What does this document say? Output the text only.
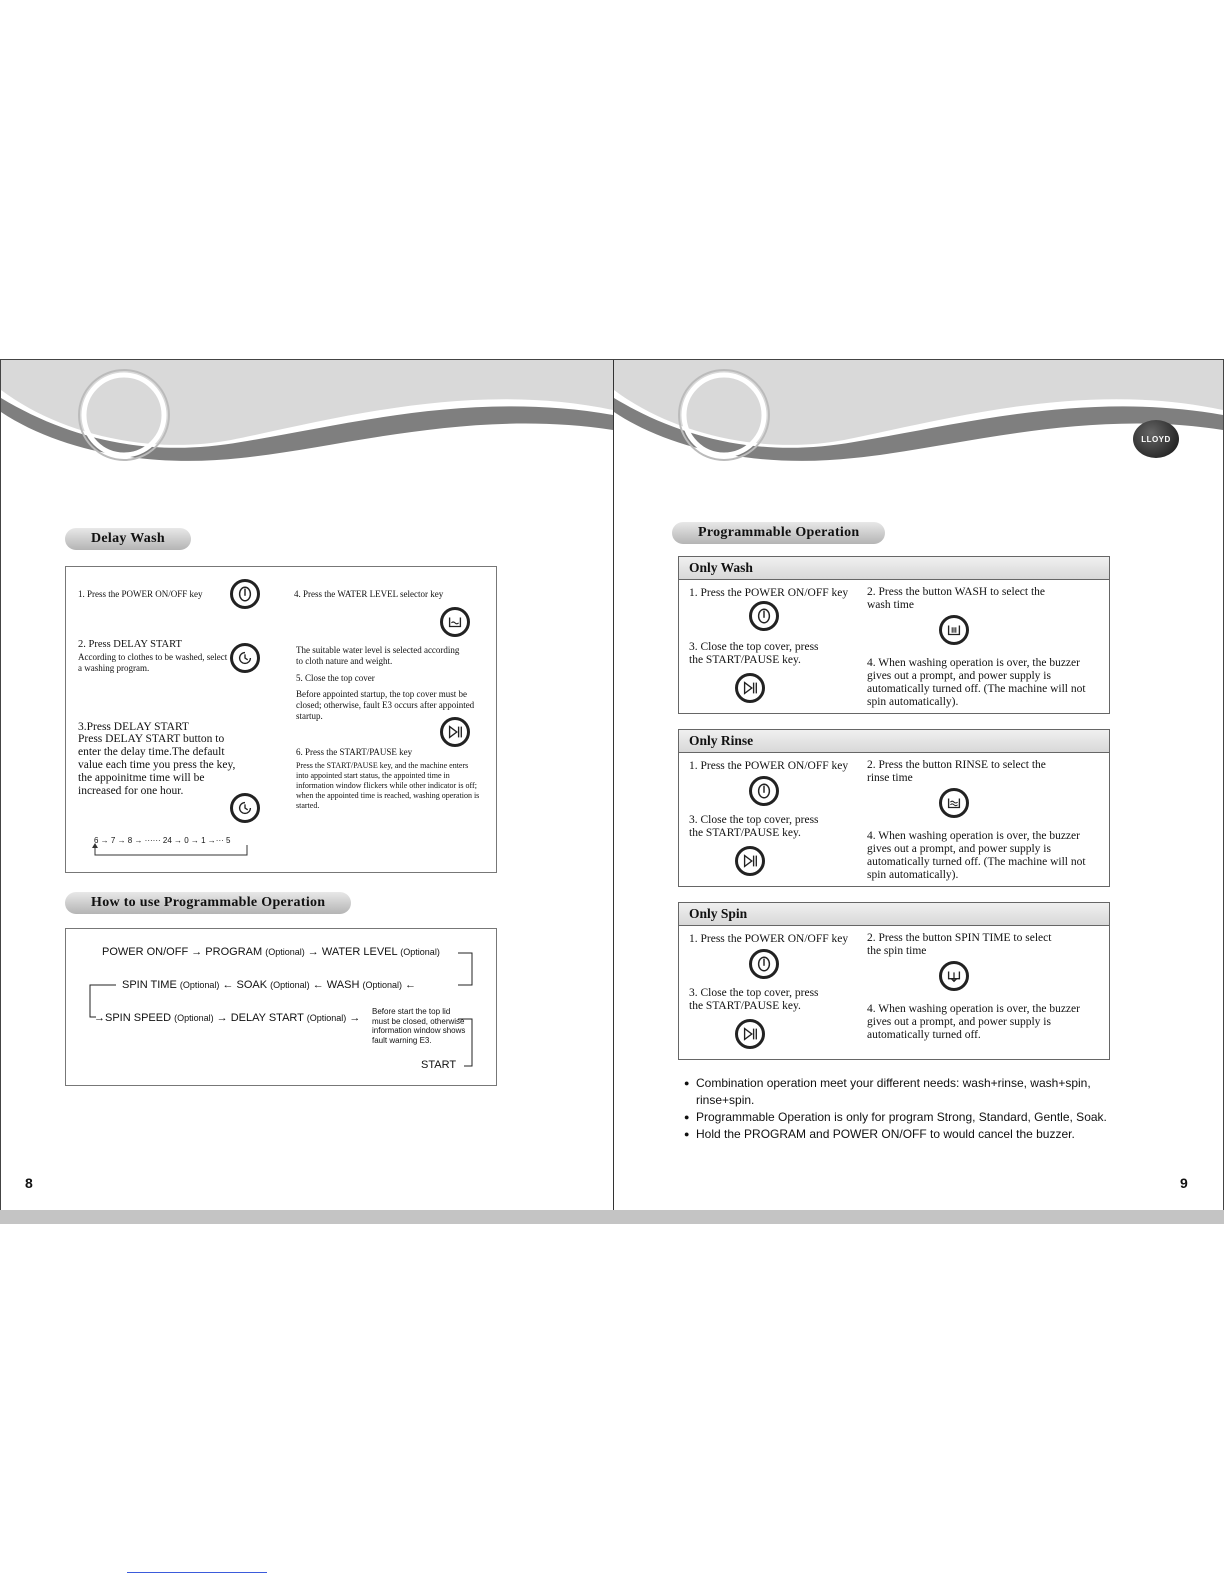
Delay Wash
1. Press the POWER ON/OFF key
2. Press DELAY START
According to clothes to be washed, select a washing program.
3.Press DELAY START
Press DELAY START button to enter the delay time.The default value each time you press the key, the appoinitme time will be increased for one hour.
6 → 7 → 8 → ······ 24 → 0 → 1 →··· 5
4. Press the WATER LEVEL selector key
The suitable water level is selected according to cloth nature and weight.
5. Close the top cover
Before appointed startup, the top cover must be closed; otherwise, fault E3 occurs after appointed startup.
6. Press the START/PAUSE key
Press the START/PAUSE key, and the machine enters into appointed start status, the appointed time in information window flickers while other indicator is off; when the appointed time is reached, washing operation is started.
How to use Programmable Operation
POWER ON/OFF → PROGRAM (Optional) → WATER LEVEL (Optional)
SPIN TIME (Optional) ← SOAK (Optional) ← WASH (Optional) ←
→SPIN SPEED (Optional) → DELAY START (Optional) →
Before start the top lid must be closed, otherwise information window shows fault warning E3.
START
8
LLOYD
Programmable Operation
Only Wash
1. Press the POWER ON/OFF key
3. Close the top cover, press the START/PAUSE key.
2. Press the button WASH to select the wash time
4. When washing operation is over, the buzzer gives out a prompt, and power supply is automatically turned off. (The machine will not spin automatically).
Only Rinse
1. Press the POWER ON/OFF key
3. Close the top cover, press the START/PAUSE key.
2. Press the button RINSE to select the rinse time
4. When washing operation is over, the buzzer gives out a prompt, and power supply is automatically turned off. (The machine will not spin automatically).
Only Spin
1. Press the POWER ON/OFF key
3. Close the top cover, press the START/PAUSE key.
2. Press the button SPIN TIME to select the spin time
4. When washing operation is over, the buzzer gives out a prompt, and power supply is automatically turned off.
● Combination operation meet your different needs: wash+rinse, wash+spin, rinse+spin.
● Programmable Operation is only for program Strong, Standard, Gentle, Soak.
● Hold the PROGRAM and POWER ON/OFF to would cancel the buzzer.
9
